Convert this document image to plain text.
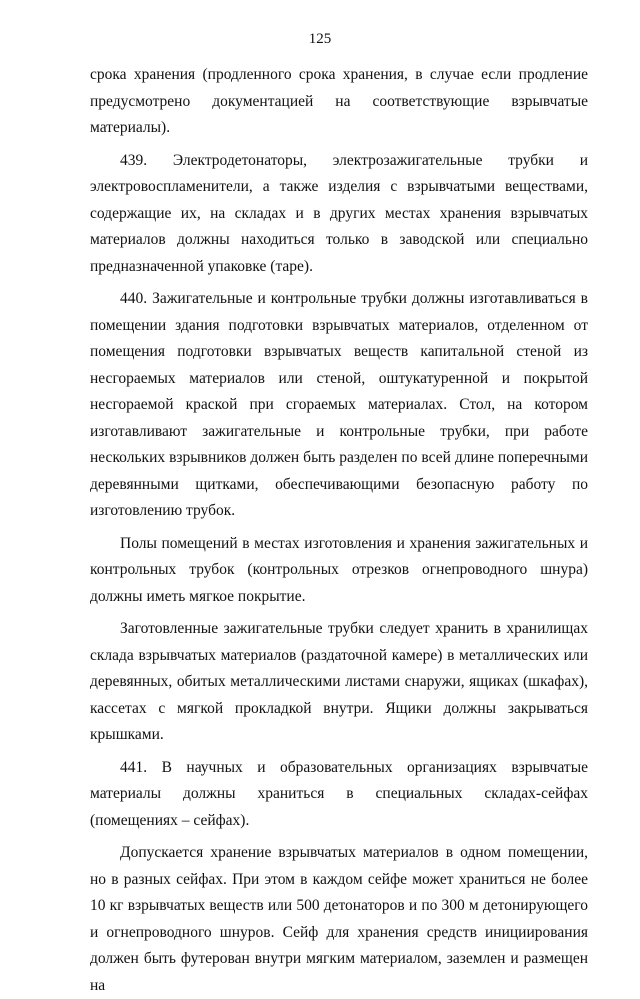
125

срока хранения (продленного срока хранения, в случае если продление предусмотрено документацией на соответствующие взрывчатые материалы).

439. Электродетонаторы, электрозажигательные трубки и электровоспламенители, а также изделия с взрывчатыми веществами, содержащие их, на складах и в других местах хранения взрывчатых материалов должны находиться только в заводской или специально предназначенной упаковке (таре).

440. Зажигательные и контрольные трубки должны изготавливаться в помещении здания подготовки взрывчатых материалов, отделенном от помещения подготовки взрывчатых веществ капитальной стеной из несгораемых материалов или стеной, оштукатуренной и покрытой несгораемой краской при сгораемых материалах. Стол, на котором изготавливают зажигательные и контрольные трубки, при работе нескольких взрывников должен быть разделен по всей длине поперечными деревянными щитками, обеспечивающими безопасную работу по изготовлению трубок.

Полы помещений в местах изготовления и хранения зажигательных и контрольных трубок (контрольных отрезков огнепроводного шнура) должны иметь мягкое покрытие.

Заготовленные зажигательные трубки следует хранить в хранилищах склада взрывчатых материалов (раздаточной камере) в металлических или деревянных, обитых металлическими листами снаружи, ящиках (шкафах), кассетах с мягкой прокладкой внутри. Ящики должны закрываться крышками.

441. В научных и образовательных организациях взрывчатые материалы должны храниться в специальных складах-сейфах (помещениях – сейфах).

Допускается хранение взрывчатых материалов в одном помещении, но в разных сейфах. При этом в каждом сейфе может храниться не более 10 кг взрывчатых веществ или 500 детонаторов и по 300 м детонирующего и огнепроводного шнуров. Сейф для хранения средств инициирования должен быть футерован внутри мягким материалом, заземлен и размещен на
